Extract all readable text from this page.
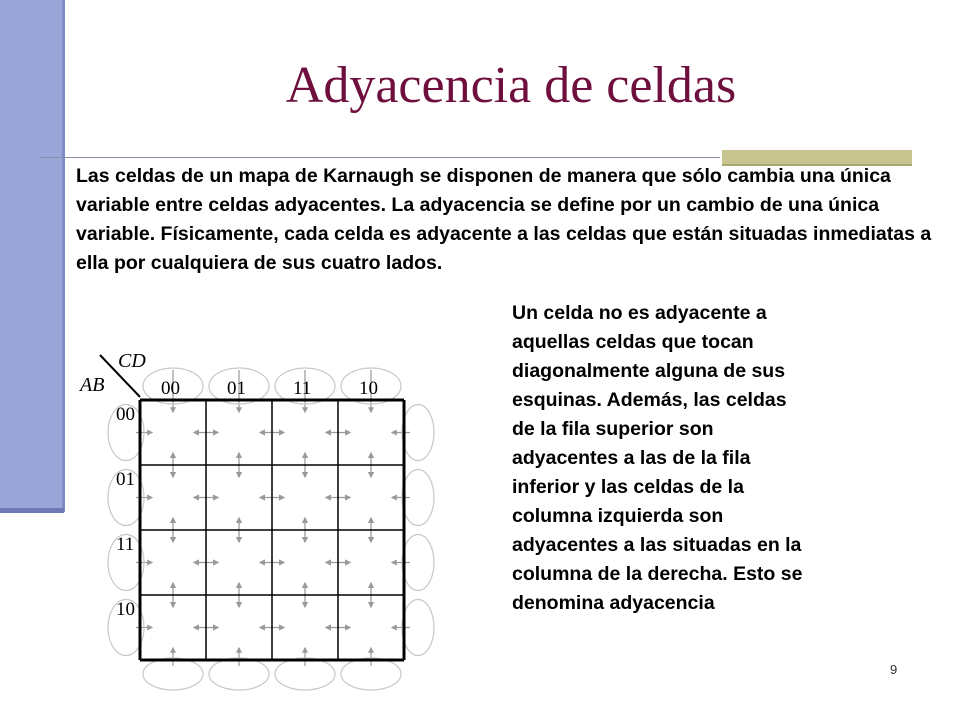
Adyacencia de celdas

Las celdas de un mapa de Karnaugh se disponen de manera que sólo cambia una única variable entre celdas adyacentes. La adyacencia se define por un cambio de una única variable. Físicamente, cada celda es adyacente a las celdas que están situadas inmediatas a ella por cualquiera de sus cuatro lados.

Un celda no es adyacente a aquellas celdas que tocan diagonalmente alguna de sus esquinas. Además, las celdas de la fila superior son adyacentes a las de la fila inferior y las celdas de la columna izquierda son adyacentes a las situadas en la columna de la derecha. Esto se denomina adyacencia

9
CD
AB	00 01 11	10
00
01
11
10
